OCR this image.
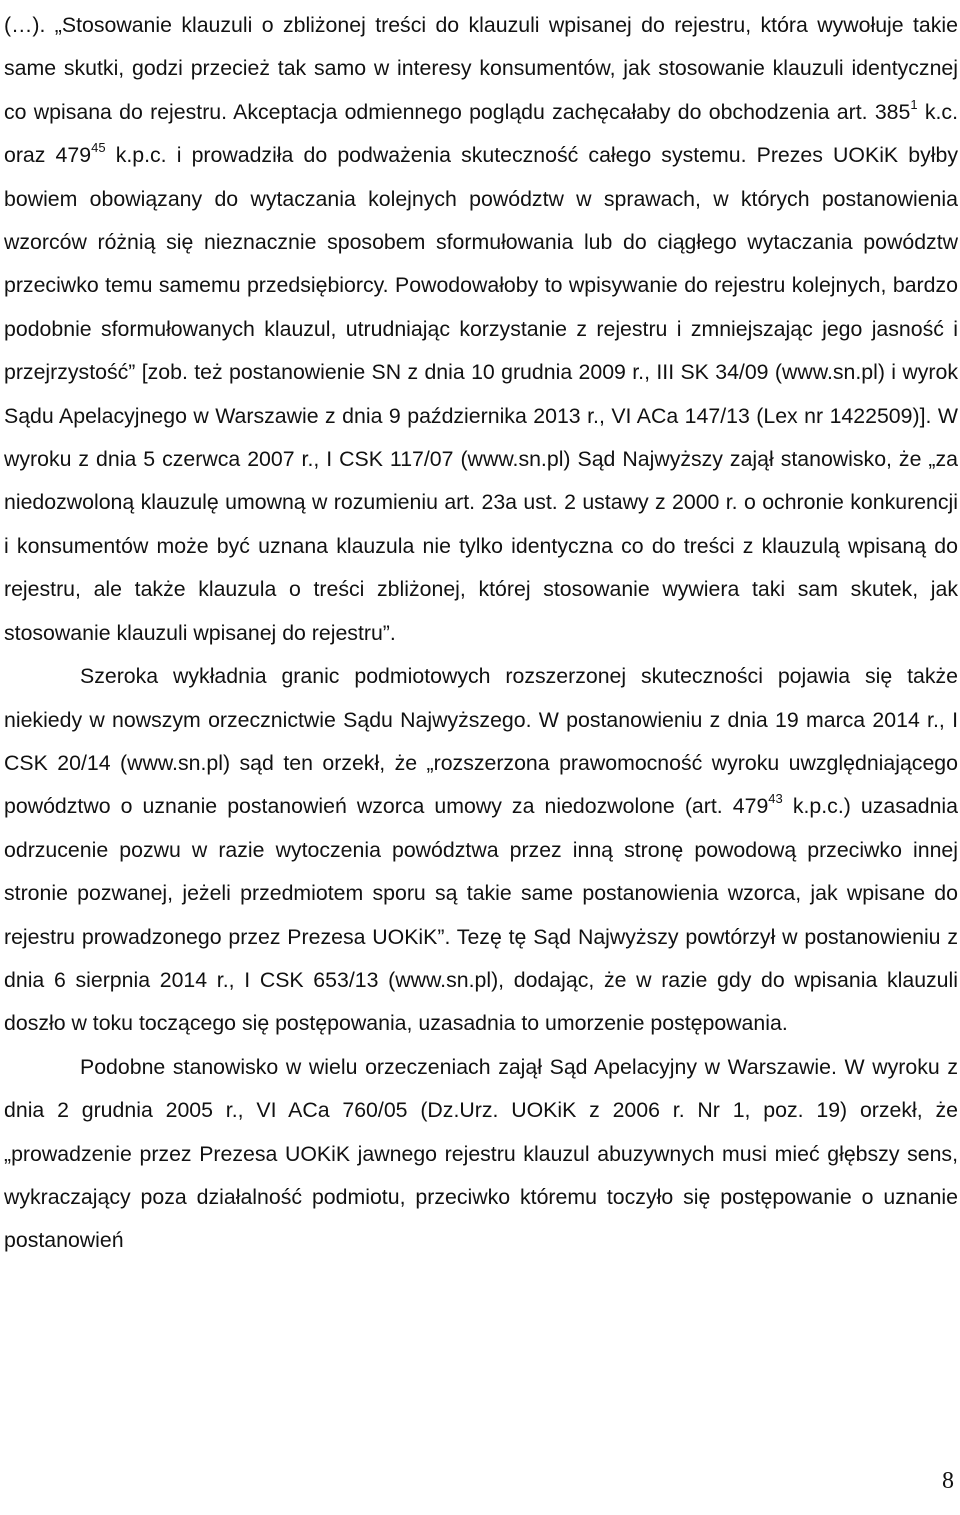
(…). „Stosowanie klauzuli o zbliżonej treści do klauzuli wpisanej do rejestru, która wywołuje takie same skutki, godzi przecież tak samo w interesy konsumentów, jak stosowanie klauzuli identycznej co wpisana do rejestru. Akceptacja odmiennego poglądu zachęcałaby do obchodzenia art. $385^1$ k.c. oraz $479^{45}$ k.p.c. i prowadziła do podważenia skuteczność całego systemu. Prezes UOKiK byłby bowiem obowiązany do wytaczania kolejnych powództw w sprawach, w których postanowienia wzorców różnią się nieznacznie sposobem sformułowania lub do ciągłego wytaczania powództw przeciwko temu samemu przedsiębiorcy. Powodowałoby to wpisywanie do rejestru kolejnych, bardzo podobnie sformułowanych klauzul, utrudniając korzystanie z rejestru i zmniejszając jego jasność i przejrzystość” [zob. też postanowienie SN z dnia 10 grudnia 2009 r., III SK 34/09 (www.sn.pl) i wyrok Sądu Apelacyjnego w Warszawie z dnia 9 października 2013 r., VI ACa 147/13 (Lex nr 1422509)]. W wyroku z dnia 5 czerwca 2007 r., I CSK 117/07 (www.sn.pl) Sąd Najwyższy zajął stanowisko, że „za niedozwoloną klauzulę umowną w rozumieniu art. 23a ust. 2 ustawy z 2000 r. o ochronie konkurencji i konsumentów może być uznana klauzula nie tylko identyczna co do treści z klauzulą wpisaną do rejestru, ale także klauzula o treści zbliżonej, której stosowanie wywiera taki sam skutek, jak stosowanie klauzuli wpisanej do rejestru”.

Szeroka wykładnia granic podmiotowych rozszerzonej skuteczności pojawia się także niekiedy w nowszym orzecznictwie Sądu Najwyższego. W postanowieniu z dnia 19 marca 2014 r., I CSK 20/14 (www.sn.pl) sąd ten orzekł, że „rozszerzona prawomocność wyroku uwzględniającego powództwo o uznanie postanowień wzorca umowy za niedozwolone (art. $479^{43}$ k.p.c.) uzasadnia odrzucenie pozwu w razie wytoczenia powództwa przez inną stronę powodową przeciwko innej stronie pozwanej, jeżeli przedmiotem sporu są takie same postanowienia wzorca, jak wpisane do rejestru prowadzonego przez Prezesa UOKiK”. Tezę tę Sąd Najwyższy powtórzył w postanowieniu z dnia 6 sierpnia 2014 r., I CSK 653/13 (www.sn.pl), dodając, że w razie gdy do wpisania klauzuli doszło w toku toczącego się postępowania, uzasadnia to umorzenie postępowania.

Podobne stanowisko w wielu orzeczeniach zajął Sąd Apelacyjny w Warszawie. W wyroku z dnia 2 grudnia 2005 r., VI ACa 760/05 (Dz.Urz. UOKiK z 2006 r. Nr 1, poz. 19) orzekł, że „prowadzenie przez Prezesa UOKiK jawnego rejestru klauzul abuzywnych musi mieć głębszy sens, wykraczający poza działalność podmiotu, przeciwko któremu toczyło się postępowanie o uznanie postanowień

8
